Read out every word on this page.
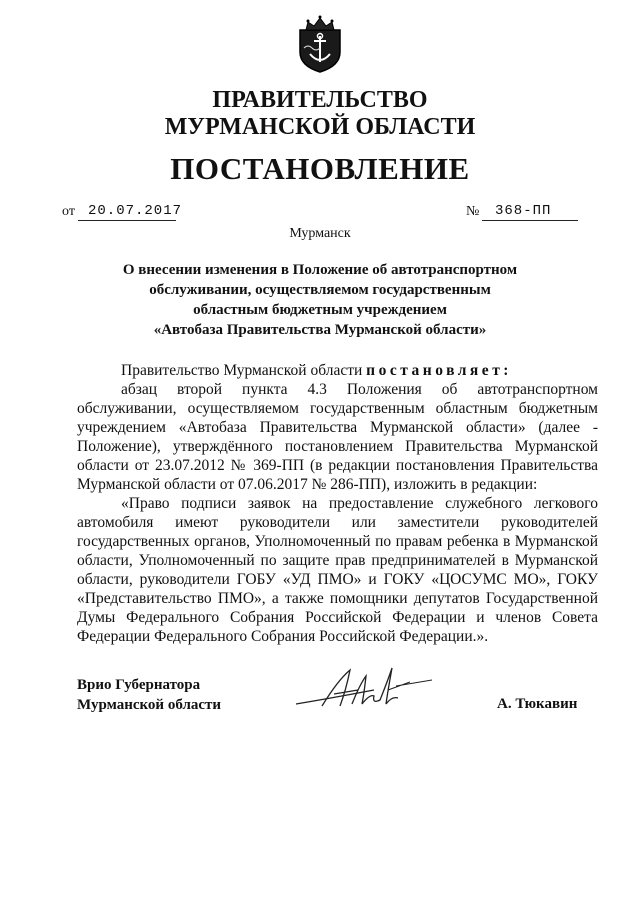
ПРАВИТЕЛЬСТВО
МУРМАНСКОЙ ОБЛАСТИ
ПОСТАНОВЛЕНИЕ
от 20.07.2017	№ 368-ПП
Мурманск
О внесении изменения в Положение об автотранспортном
обслуживании, осуществляемом государственным
областным бюджетным учреждением
«Автобаза Правительства Мурманской области»

Правительство Мурманской области постановляет:

абзац второй пункта 4.3 Положения об автотранспортном обслуживании, осуществляемом государственным областным бюджетным учреждением «Автобаза Правительства Мурманской области» (далее - Положение), утверждённого постановлением Правительства Мурманской области от 23.07.2012 № 369-ПП (в редакции постановления Правительства Мурманской области от 07.06.2017 № 286-ПП), изложить в редакции:

«Право подписи заявок на предоставление служебного легкового автомобиля имеют руководители или заместители руководителей государственных органов, Уполномоченный по правам ребенка в Мурманской области, Уполномоченный по защите прав предпринимателей в Мурманской области, руководители ГОБУ «УД ПМО» и ГОКУ «ЦОСУМС МО», ГОКУ «Представительство ПМО», а также помощники депутатов Государственной Думы Федерального Собрания Российской Федерации и членов Совета Федерации Федерального Собрания Российской Федерации.».

Врио Губернатора
Мурманской области	А. Тюкавин
